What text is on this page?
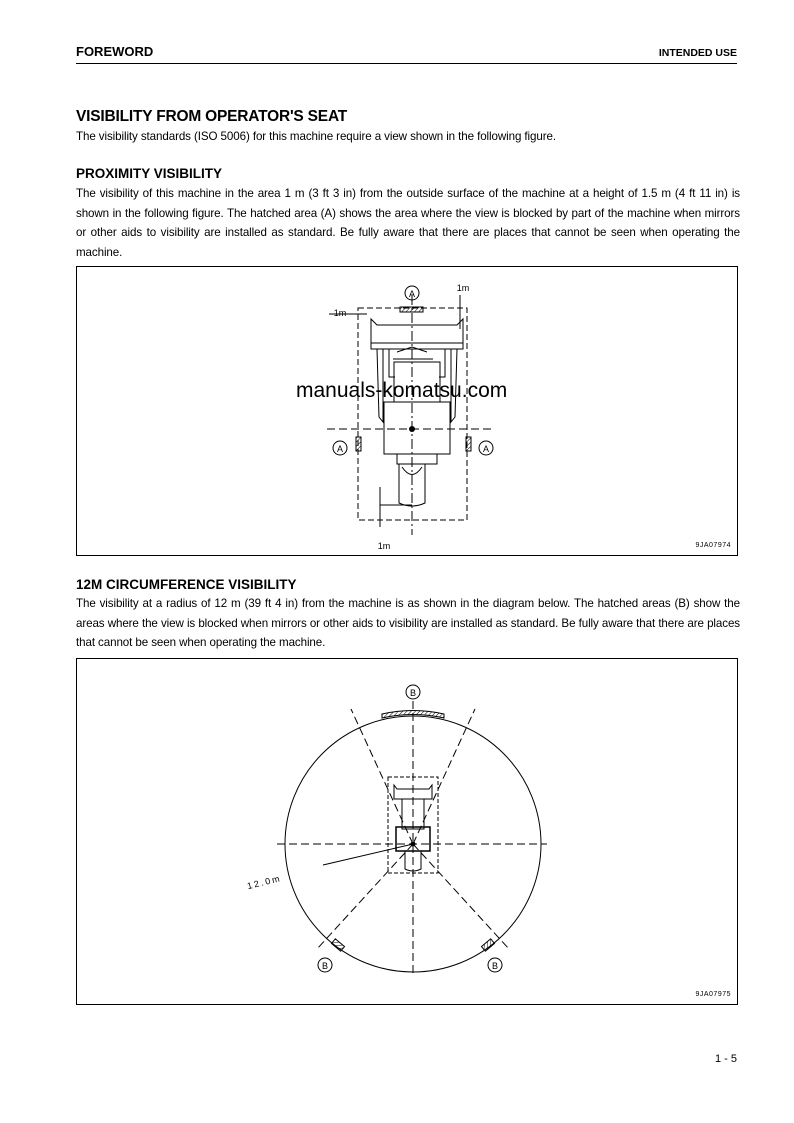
FOREWORD	INTENDED USE
VISIBILITY FROM OPERATOR'S SEAT
The visibility standards (ISO 5006) for this machine require a view shown in the following figure.
PROXIMITY VISIBILITY
The visibility of this machine in the area 1 m (3 ft 3 in) from the outside surface of the machine at a height of 1.5 m (4 ft 11 in) is shown in the following figure. The hatched area (A) shows the area where the view is blocked by part of the machine when mirrors or other aids to visibility are installed as standard. Be fully aware that there are places that cannot be seen when operating the machine.
A
A	A
1m
1m
1m	9JA07974
manuals-komatsu.com
12M CIRCUMFERENCE VISIBILITY
The visibility at a radius of 12 m (39 ft 4 in) from the machine is as shown in the diagram below. The hatched areas (B) show the areas where the view is blocked when mirrors or other aids to visibility are installed as standard. Be fully aware that there are places that cannot be seen when operating the machine.
B
B	B
12.0m
9JA07975
1 - 5
